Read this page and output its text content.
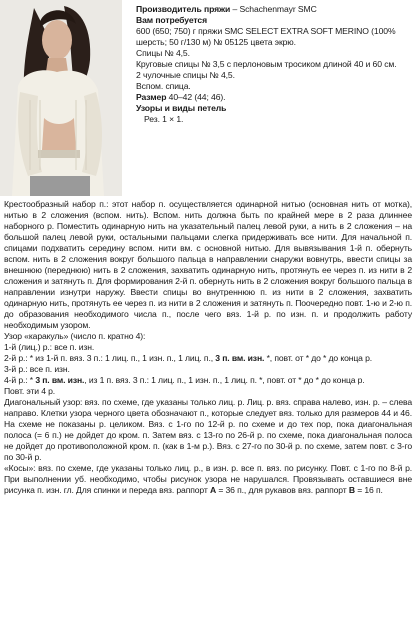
Производитель пряжи – Schachenmayr SMC

Вам потребуется

600 (650; 750) г пряжи SMC SELECT EXTRA SOFT MERINO (100% шерсть; 50 г/130 м) № 05125 цвета экрю.

Спицы № 4,5.

Круговые спицы № 3,5 с перлоновым тросиком длиной 40 и 60 см.

2 чулочные спицы № 4,5.

Вспом. спица.

Размер 40–42 (44; 46).

Узоры и виды петель

Рез. 1 × 1.

Крестообразный набор п.: этот набор п. осуществляется одинарной нитью (основная нить от мотка), нитью в 2 сложения (вспом. нить). Вспом. нить должна быть по крайней мере в 2 раза длиннее наборного р. Поместить одинарную нить на указательный палец левой руки, а нить в 2 сложения – на большой палец левой руки, остальными пальцами слегка придерживать все нити. Для начальной п. спицами подхватить середину вспом. нити вм. с основной нитью. Для вывязывания 1-й п. обернуть вспом. нить в 2 сложения вокруг большого пальца в направлении снаружи вовнутрь, ввести спицы за внешнюю (переднюю) нить в 2 сложения, захватить одинарную нить, протянуть ее через п. из нити в 2 сложения и затянуть п. Для формирования 2-й п. обернуть нить в 2 сложения вокруг большого пальца в направлении изнутри наружу. Ввести спицы во внутреннюю п. из нити в 2 сложения, захватить одинарную нить, протянуть ее через п. из нити в 2 сложения и затянуть п. Поочередно повт. 1-ю и 2-ю п. до образования необходимого числа п., после чего вяз. 1-й р. по изн. п. и продолжить работу необходимым узором.

Узор «каракуль» (число п. кратно 4):

1-й (лиц.) р.: все п. изн.

2-й р.: * из 1-й п. вяз. 3 п.: 1 лиц. п., 1 изн. п., 1 лиц. п., 3 п. вм. изн. *, повт. от * до * до конца р.

3-й р.: все п. изн.

4-й р.: * 3 п. вм. изн., из 1 п. вяз. 3 п.: 1 лиц. п., 1 изн. п., 1 лиц. п. *, повт. от * до * до конца р.

Повт. эти 4 р.

Диагональный узор: вяз. по схеме, где указаны только лиц. р. Лиц. р. вяз. справа налево, изн. р. – слева направо. Клетки узора черного цвета обозначают п., которые следует вяз. только для размеров 44 и 46. На схеме не показаны р. целиком. Вяз. с 1-го по 12-й р. по схеме и до тех пор, пока диагональная полоса (= 6 п.) не дойдет до кром. п. Затем вяз. с 13-го по 26-й р. по схеме, пока диагональная полоса не дойдет до противоположной кром. п. (как в 1-м р.). Вяз. с 27-го по 30-й р. по схеме, затем повт. с 3-го по 30-й р.

«Косы»: вяз. по схеме, где указаны только лиц. р., в изн. р. все п. вяз. по рисунку. Повт. с 1-го по 8-й р. При выполнении уб. необходимо, чтобы рисунок узора не нарушался. Провязывать оставшиеся вне рисунка п. изн. гл. Для спинки и переда вяз. раппорт А = 36 п., для рукавов вяз. раппорт В = 16 п.
